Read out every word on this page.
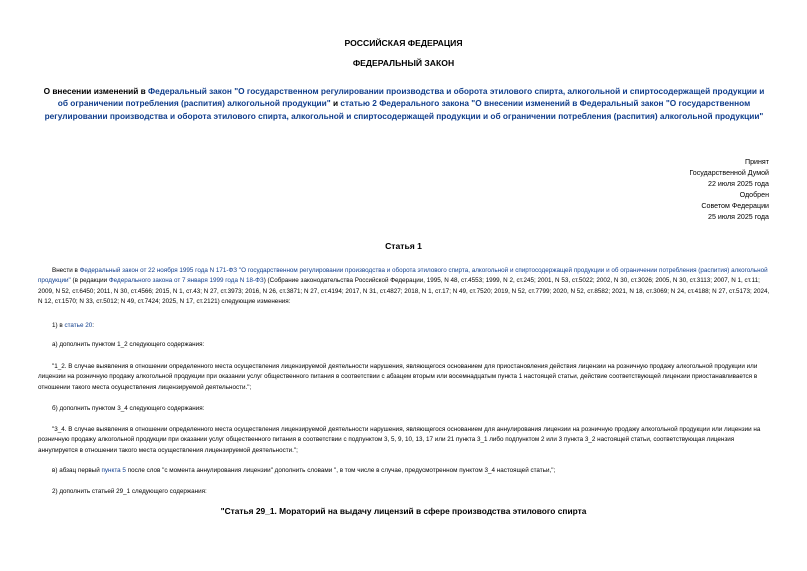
РОССИЙСКАЯ ФЕДЕРАЦИЯ
ФЕДЕРАЛЬНЫЙ ЗАКОН
О внесении изменений в Федеральный закон "О государственном регулировании производства и оборота этилового спирта, алкогольной и спиртосодержащей продукции и об ограничении потребления (распития) алкогольной продукции" и статью 2 Федерального закона "О внесении изменений в Федеральный закон "О государственном регулировании производства и оборота этилового спирта, алкогольной и спиртосодержащей продукции и об ограничении потребления (распития) алкогольной продукции"
Принят
Государственной Думой
22 июля 2025 года
Одобрен
Советом Федерации
25 июля 2025 года
Статья 1
Внести в Федеральный закон от 22 ноября 1995 года N 171-ФЗ "О государственном регулировании производства и оборота этилового спирта, алкогольной и спиртосодержащей продукции и об ограничении потребления (распития) алкогольной продукции" (в редакции Федерального закона от 7 января 1999 года N 18-ФЗ) (Собрание законодательства Российской Федерации, 1995, N 48, ст.4553; 1999, N 2, ст.245; 2001, N 53, ст.5022; 2002, N 30, ст.3026; 2005, N 30, ст.3113; 2007, N 1, ст.11; 2009, N 52, ст.6450; 2011, N 30, ст.4566; 2015, N 1, ст.43; N 27, ст.3973; 2016, N 26, ст.3871; N 27, ст.4194; 2017, N 31, ст.4827; 2018, N 1, ст.17; N 49, ст.7520; 2019, N 52, ст.7799; 2020, N 52, ст.8582; 2021, N 18, ст.3069; N 24, ст.4188; N 27, ст.5173; 2024, N 12, ст.1570; N 33, ст.5012; N 49, ст.7424; 2025, N 17, ст.2121) следующие изменения:
1) в статье 20:
а) дополнить пунктом 1_2 следующего содержания:
"1_2. В случае выявления в отношении определенного места осуществления лицензируемой деятельности нарушения, являющегося основанием для приостановления действия лицензии на розничную продажу алкогольной продукции или лицензии на розничную продажу алкогольной продукции при оказании услуг общественного питания в соответствии с абзацем вторым или восемнадцатым пункта 1 настоящей статьи, действие соответствующей лицензии приостанавливается в отношении такого места осуществления лицензируемой деятельности.";
б) дополнить пунктом 3_4 следующего содержания:
"3_4. В случае выявления в отношении определенного места осуществления лицензируемой деятельности нарушения, являющегося основанием для аннулирования лицензии на розничную продажу алкогольной продукции или лицензии на розничную продажу алкогольной продукции при оказании услуг общественного питания в соответствии с подпунктом 3, 5, 9, 10, 13, 17 или 21 пункта 3_1 либо подпунктом 2 или 3 пункта 3_2 настоящей статьи, соответствующая лицензия аннулируется в отношении такого места осуществления лицензируемой деятельности.";
в) абзац первый пункта 5 после слов "с момента аннулирования лицензии" дополнить словами ", в том числе в случае, предусмотренном пунктом 3_4 настоящей статьи,";
2) дополнить статьей 29_1 следующего содержания:
"Статья 29_1. Мораторий на выдачу лицензий в сфере производства этилового спирта
